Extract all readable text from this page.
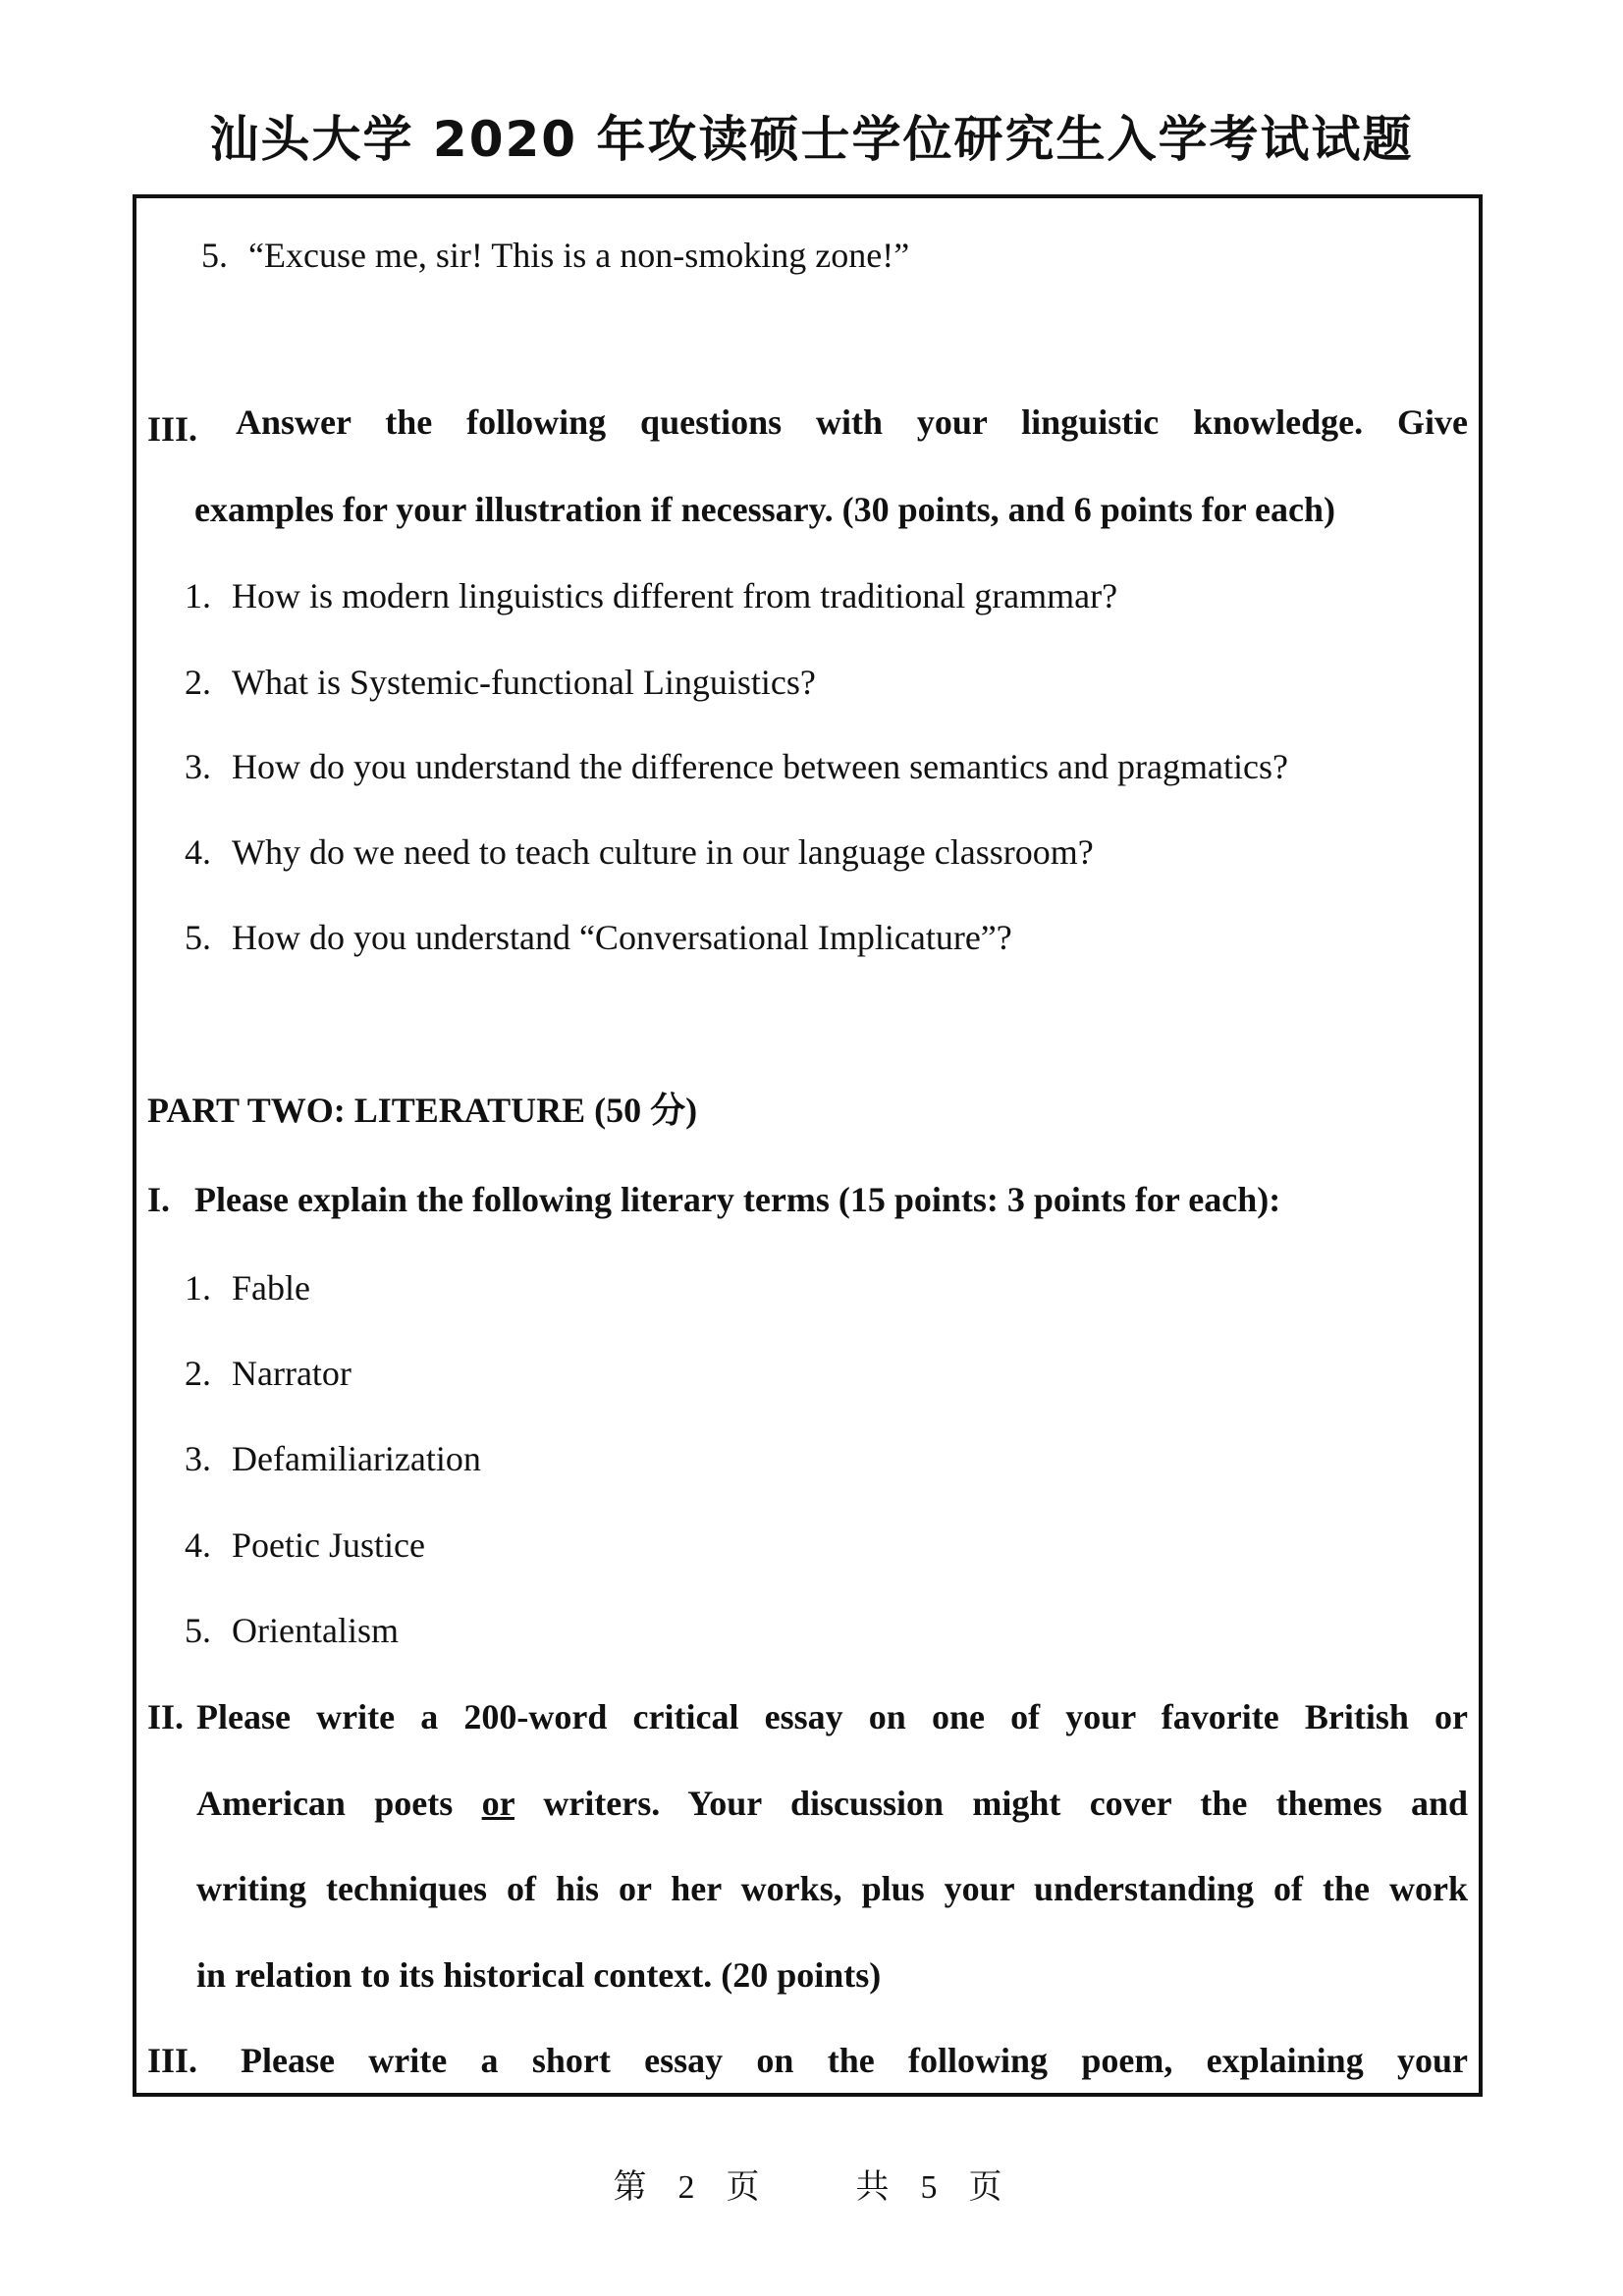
汕头大学 2020 年攻读硕士学位研究生入学考试试题
5. “Excuse me, sir! This is a non-smoking zone!”
III. Answer the following questions with your linguistic knowledge. Give
examples for your illustration if necessary. (30 points, and 6 points for each)
1. How is modern linguistics different from traditional grammar?
2. What is Systemic-functional Linguistics?
3. How do you understand the difference between semantics and pragmatics?
4. Why do we need to teach culture in our language classroom?
5. How do you understand “Conversational Implicature”?
PART TWO: LITERATURE (50 分)
I. Please explain the following literary terms (15 points: 3 points for each):
1. Fable
2. Narrator
3. Defamiliarization
4. Poetic Justice
5. Orientalism
II. Please write a 200-word critical essay on one of your favorite British or
American poets or writers. Your discussion might cover the themes and
writing techniques of his or her works, plus your understanding of the work
in relation to its historical context. (20 points)
III. Please write a short essay on the following poem, explaining your
第 2 页	共 5 页
